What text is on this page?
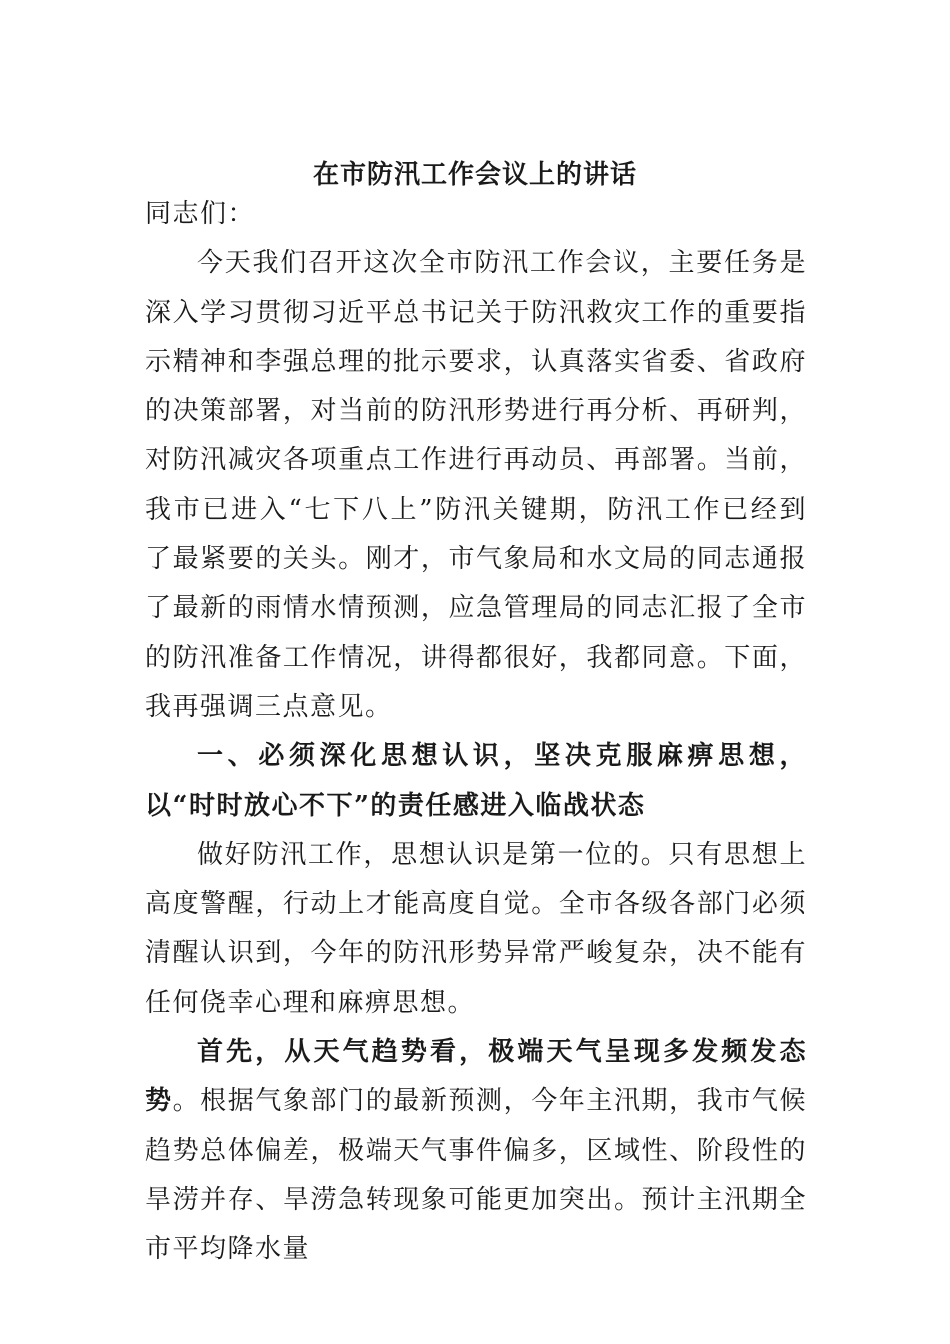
在市防汛工作会议上的讲话

同志们：

今天我们召开这次全市防汛工作会议，主要任务是深入学习贯彻习近平总书记关于防汛救灾工作的重要指示精神和李强总理的批示要求，认真落实省委、省政府的决策部署，对当前的防汛形势进行再分析、再研判，对防汛减灾各项重点工作进行再动员、再部署。当前，我市已进入“七下八上”防汛关键期，防汛工作已经到了最紧要的关头。刚才，市气象局和水文局的同志通报了最新的雨情水情预测，应急管理局的同志汇报了全市的防汛准备工作情况，讲得都很好，我都同意。下面，我再强调三点意见。

一、必须深化思想认识，坚决克服麻痹思想，以“时时放心不下”的责任感进入临战状态

做好防汛工作，思想认识是第一位的。只有思想上高度警醒，行动上才能高度自觉。全市各级各部门必须清醒认识到，今年的防汛形势异常严峻复杂，决不能有任何侥幸心理和麻痹思想。

首先，从天气趋势看，极端天气呈现多发频发态势。根据气象部门的最新预测，今年主汛期，我市气候趋势总体偏差，极端天气事件偏多，区域性、阶段性的旱涝并存、旱涝急转现象可能更加突出。预计主汛期全市平均降水量
